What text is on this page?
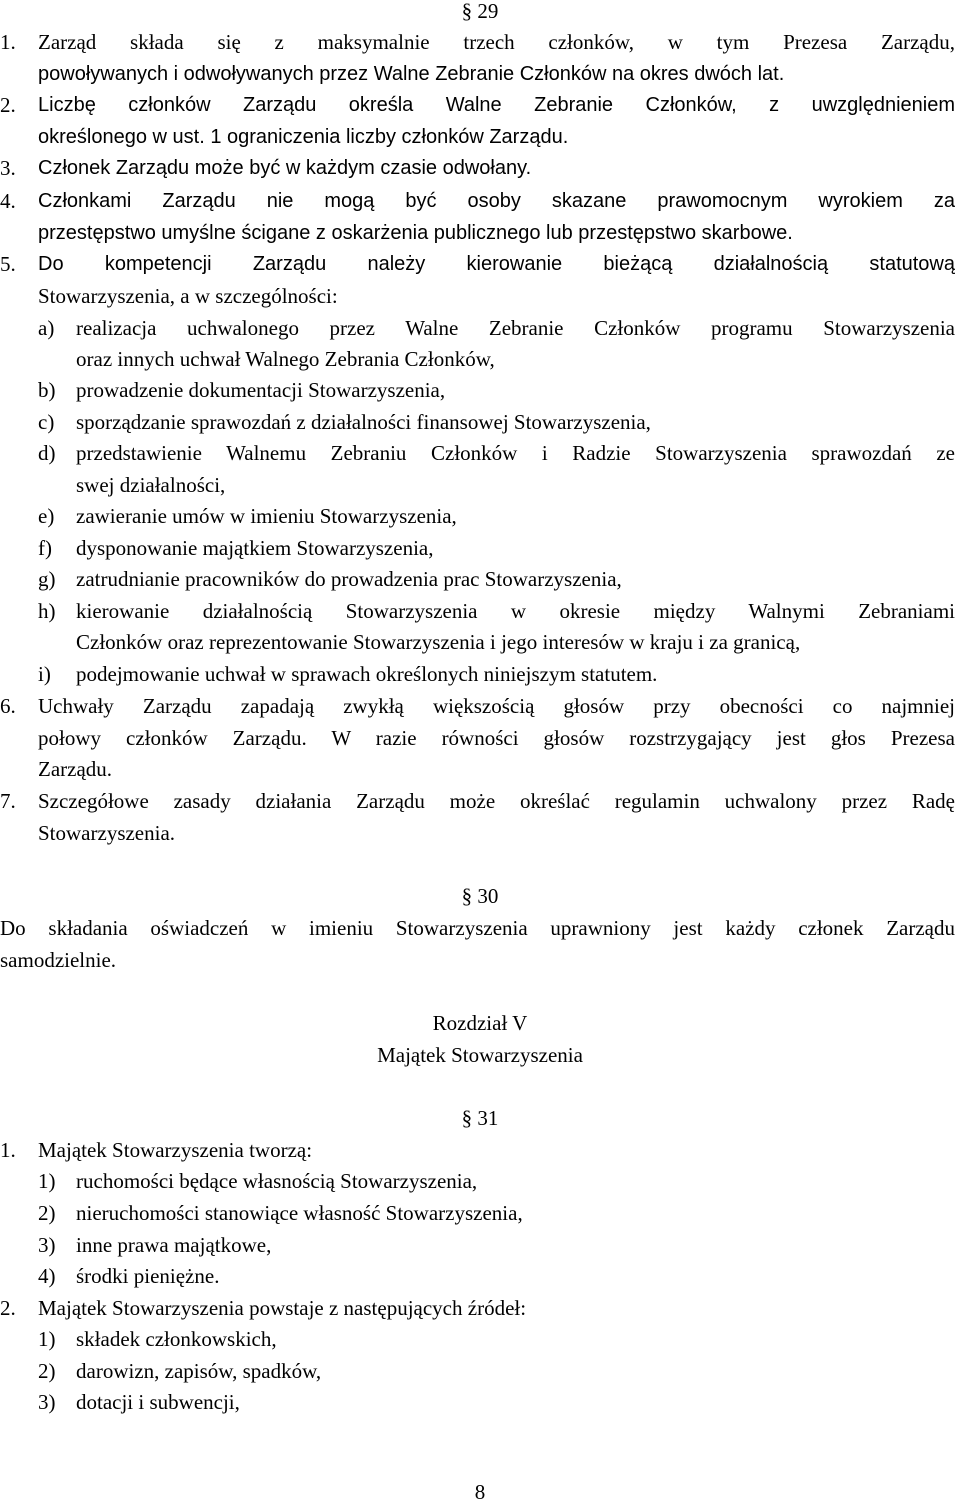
§ 29
1. Zarząd składa się z maksymalnie trzech członków, w tym Prezesa Zarządu,
powoływanych i odwoływanych przez Walne Zebranie Członków na okres dwóch lat.
2. Liczbę członków Zarządu określa Walne Zebranie Członków, z uwzględnieniem
określonego w ust. 1 ograniczenia liczby członków Zarządu.
3. Członek Zarządu może być w każdym czasie odwołany.
4. Członkami Zarządu nie mogą być osoby skazane prawomocnym wyrokiem za
przestępstwo umyślne ścigane z oskarżenia publicznego lub przestępstwo skarbowe.
5. Do kompetencji Zarządu należy kierowanie bieżącą działalnością statutową
Stowarzyszenia, a w szczególności:
a) realizacja uchwalonego przez Walne Zebranie Członków programu Stowarzyszenia
oraz innych uchwał Walnego Zebrania Członków,
b) prowadzenie dokumentacji Stowarzyszenia,
c) sporządzanie sprawozdań z działalności finansowej Stowarzyszenia,
d) przedstawienie Walnemu Zebraniu Członków i Radzie Stowarzyszenia sprawozdań ze
swej działalności,
e) zawieranie umów w imieniu Stowarzyszenia,
f) dysponowanie majątkiem Stowarzyszenia,
g) zatrudnianie pracowników do prowadzenia prac Stowarzyszenia,
h) kierowanie działalnością Stowarzyszenia w okresie między Walnymi Zebraniami
Członków oraz reprezentowanie Stowarzyszenia i jego interesów w kraju i za granicą,
i) podejmowanie uchwał w sprawach określonych niniejszym statutem.
6. Uchwały Zarządu zapadają zwykłą większością głosów przy obecności co najmniej
połowy członków Zarządu. W razie równości głosów rozstrzygający jest głos Prezesa
Zarządu.
7. Szczegółowe zasady działania Zarządu może określać regulamin uchwalony przez Radę
Stowarzyszenia.
§ 30
Do składania oświadczeń w imieniu Stowarzyszenia uprawniony jest każdy członek Zarządu
samodzielnie.
Rozdział V
Majątek Stowarzyszenia
§ 31
1. Majątek Stowarzyszenia tworzą:
1) ruchomości będące własnością Stowarzyszenia,
2) nieruchomości stanowiące własność Stowarzyszenia,
3) inne prawa majątkowe,
4) środki pieniężne.
2. Majątek Stowarzyszenia powstaje z następujących źródeł:
1) składek członkowskich,
2) darowizn, zapisów, spadków,
3) dotacji i subwencji,
8
